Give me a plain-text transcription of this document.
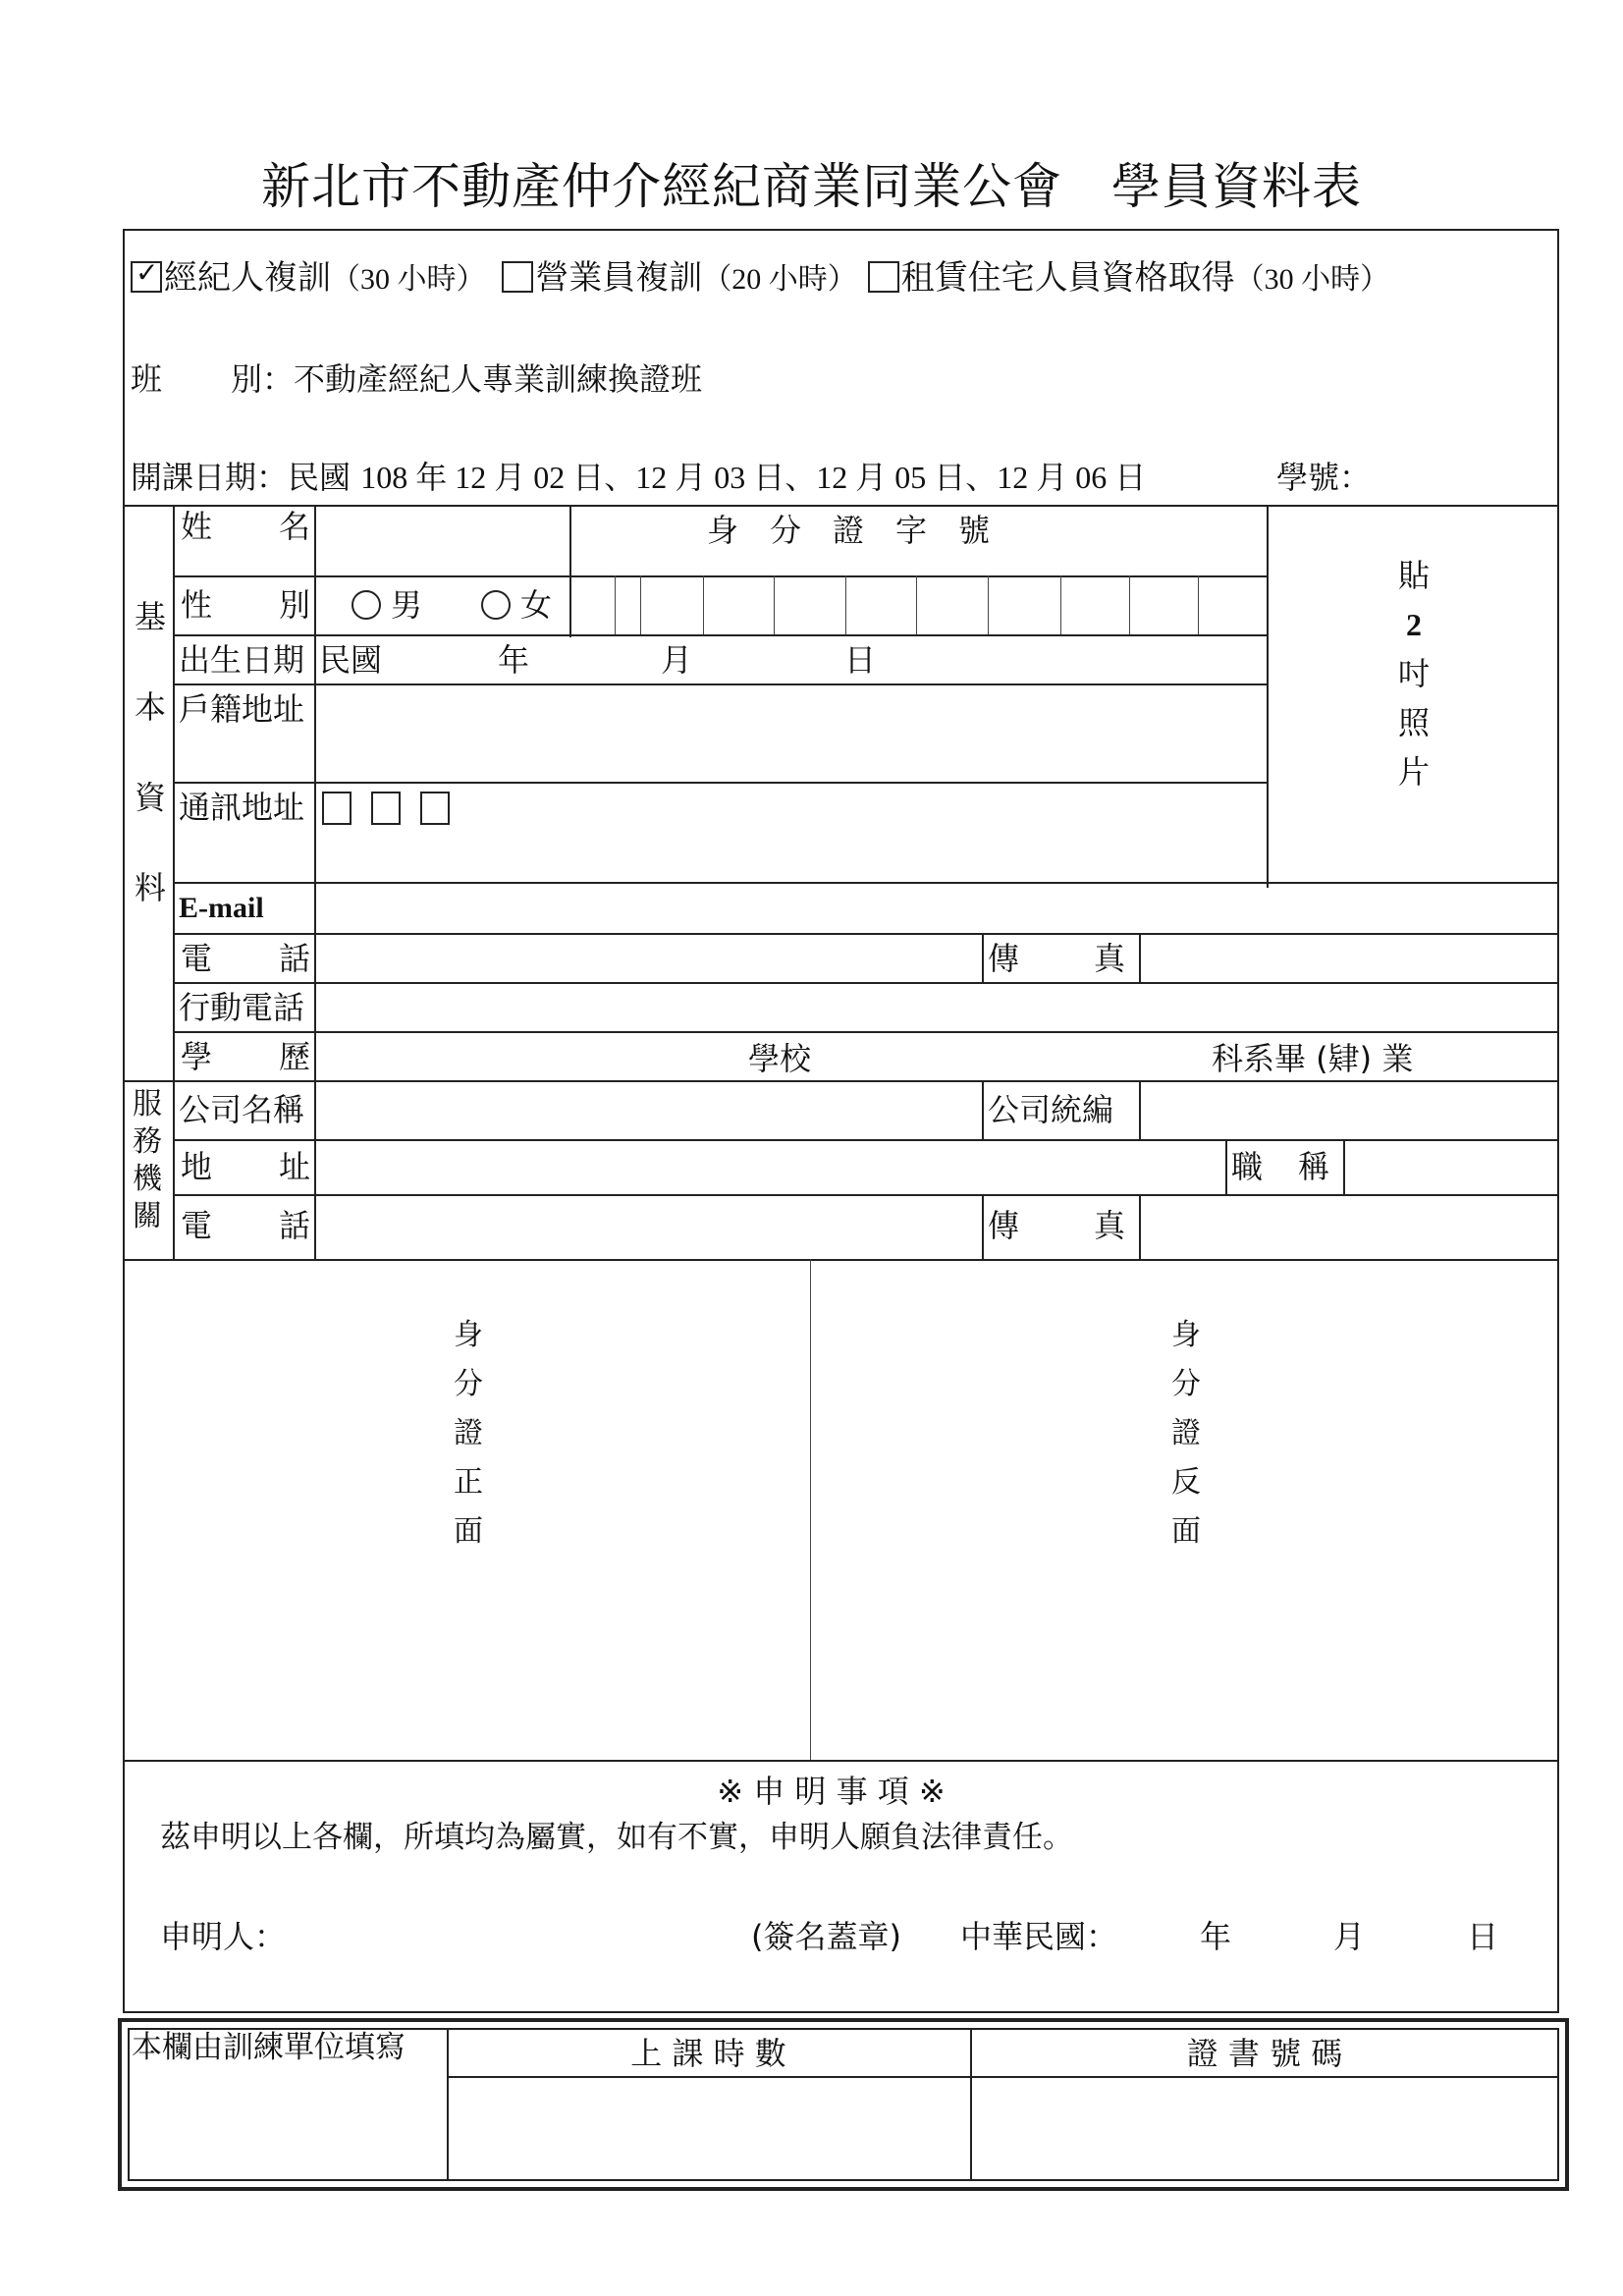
新北市不動產仲介經紀商業同業公會 學員資料表
✓經紀人複訓（30 小時） 營業員複訓（20 小時） 租賃住宅人員資格取得（30 小時）
班 別：不動產經紀人專業訓練換證班
開課日期：民國 108 年 12 月 02 日、12 月 03 日、12 月 05 日、12 月 06 日	學號：
基
本
資
料
服
務
機
關
姓 名	身　分　證　字　號
性 別	男	女
出生日期 民國	年	月	日
戶籍地址
通訊地址
貼
2
吋
照
片
E-mail
電 話	傳 真
行動電話
學 歷	學校	科系畢 (肄) 業
公司名稱	公司統編
地 址	職 稱
電 話	傳 真
身
分
證
正
面
身
分
證
反
面
※ 申 明 事 項 ※
茲申明以上各欄，所填均為屬實，如有不實，申明人願負法律責任。
申明人：	(簽名蓋章) 中華民國：	年	月	日
本欄由訓練單位填寫	上 課 時 數	證 書 號 碼
